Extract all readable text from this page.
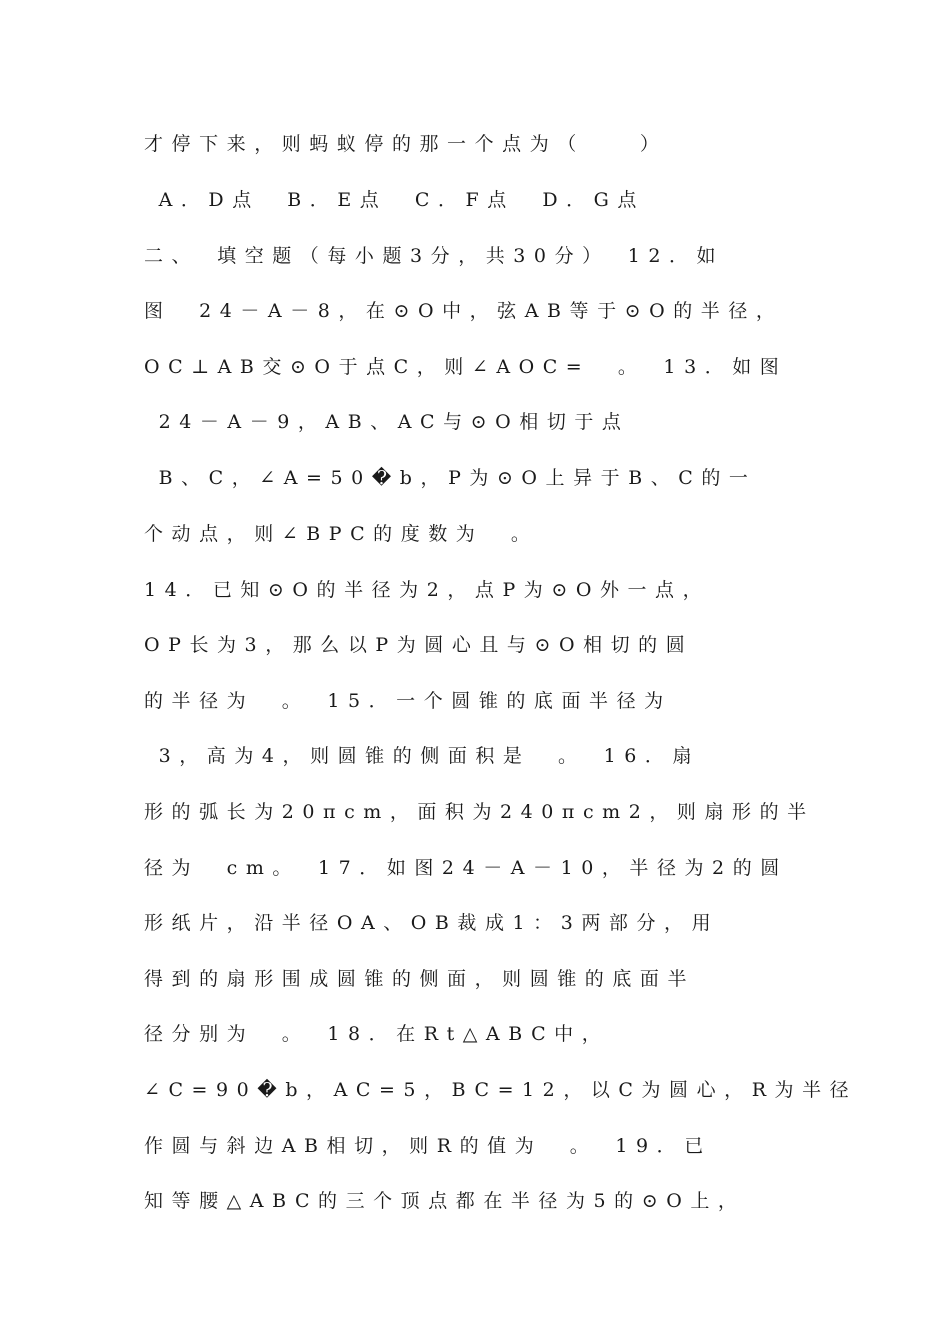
才停下来，则蚂蚁停的那一个点为（　　）

A．D点　B．E点　C．F点　D．G点

二、　填空题（每小题3分，共30分）　12．如

图　24－A－8，在⊙O中，弦AB等于⊙O的半径，

OC⊥AB交⊙O于点C，则∠AOC=　。　13．如图

24－A－9，AB、AC与⊙O相切于点

B、C，∠A=50�b，P为⊙O上异于B、C的一

个动点，则∠BPC的度数为　。

14．已知⊙O的半径为2，点P为⊙O外一点，

OP长为3，那么以P为圆心且与⊙O相切的圆

的半径为　。　15．一个圆锥的底面半径为

3，高为4，则圆锥的侧面积是　。　16．扇

形的弧长为20πcm，面积为240πcm2，则扇形的半

径为　cm。　17．如图24－A－10，半径为2的圆

形纸片，沿半径OA、OB裁成1：3两部分，用

得到的扇形围成圆锥的侧面，则圆锥的底面半

径分别为　。　18．在Rt△ABC中，

∠C=90�b，AC=5，BC=12，以C为圆心，R为半径

作圆与斜边AB相切，则R的值为　。　19．已

知等腰△ABC的三个顶点都在半径为5的⊙O上，
